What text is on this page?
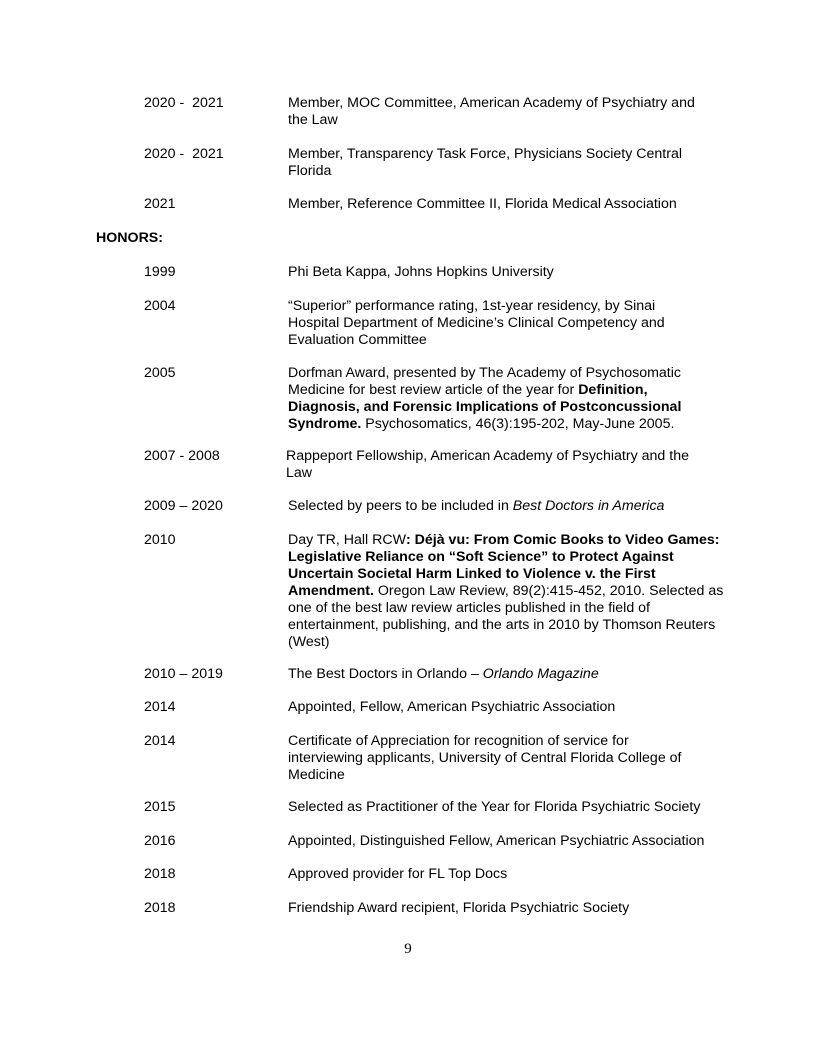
2020 -  2021	Member, MOC Committee, American Academy of Psychiatry and the Law
2020 -  2021	Member, Transparency Task Force, Physicians Society Central Florida
2021	Member, Reference Committee II, Florida Medical Association
HONORS:
1999	Phi Beta Kappa, Johns Hopkins University
2004	“Superior” performance rating, 1st-year residency, by Sinai Hospital Department of Medicine’s Clinical Competency and Evaluation Committee
2005	Dorfman Award, presented by The Academy of Psychosomatic Medicine for best review article of the year for Definition, Diagnosis, and Forensic Implications of Postconcussional Syndrome. Psychosomatics, 46(3):195-202, May-June 2005.
2007 - 2008	Rappeport Fellowship, American Academy of Psychiatry and the Law
2009 – 2020	Selected by peers to be included in Best Doctors in America
2010	Day TR, Hall RCW: Déjà vu: From Comic Books to Video Games: Legislative Reliance on “Soft Science” to Protect Against Uncertain Societal Harm Linked to Violence v. the First Amendment. Oregon Law Review, 89(2):415-452, 2010. Selected as one of the best law review articles published in the field of entertainment, publishing, and the arts in 2010 by Thomson Reuters (West)
2010 – 2019	The Best Doctors in Orlando – Orlando Magazine
2014	Appointed, Fellow, American Psychiatric Association
2014	Certificate of Appreciation for recognition of service for interviewing applicants, University of Central Florida College of Medicine
2015	Selected as Practitioner of the Year for Florida Psychiatric Society
2016	Appointed, Distinguished Fellow, American Psychiatric Association
2018	Approved provider for FL Top Docs
2018	Friendship Award recipient, Florida Psychiatric Society
9
